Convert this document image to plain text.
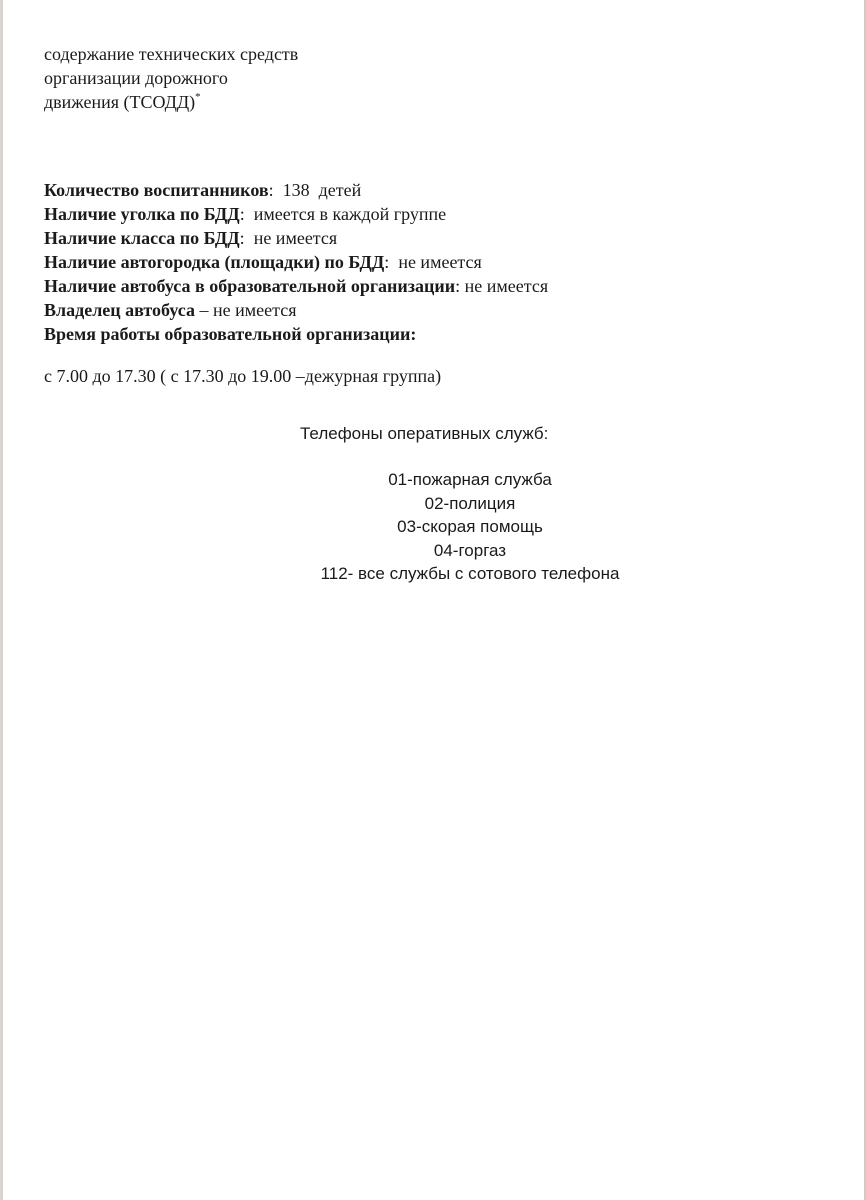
содержание технических средств
организации дорожного
движения (ТСОДД)*
Количество воспитанников:  138  детей
Наличие уголка по БДД:  имеется в каждой группе
Наличие класса по БДД:  не имеется
Наличие автогородка (площадки) по БДД:  не имеется
Наличие автобуса в образовательной организации: не имеется
Владелец автобуса – не имеется
Время работы образовательной организации:
с 7.00 до 17.30 ( с 17.30 до 19.00 –дежурная группа)
Телефоны оперативных служб:
01-пожарная служба
02-полиция
03-скорая помощь
04-горгаз
112- все службы с сотового телефона
